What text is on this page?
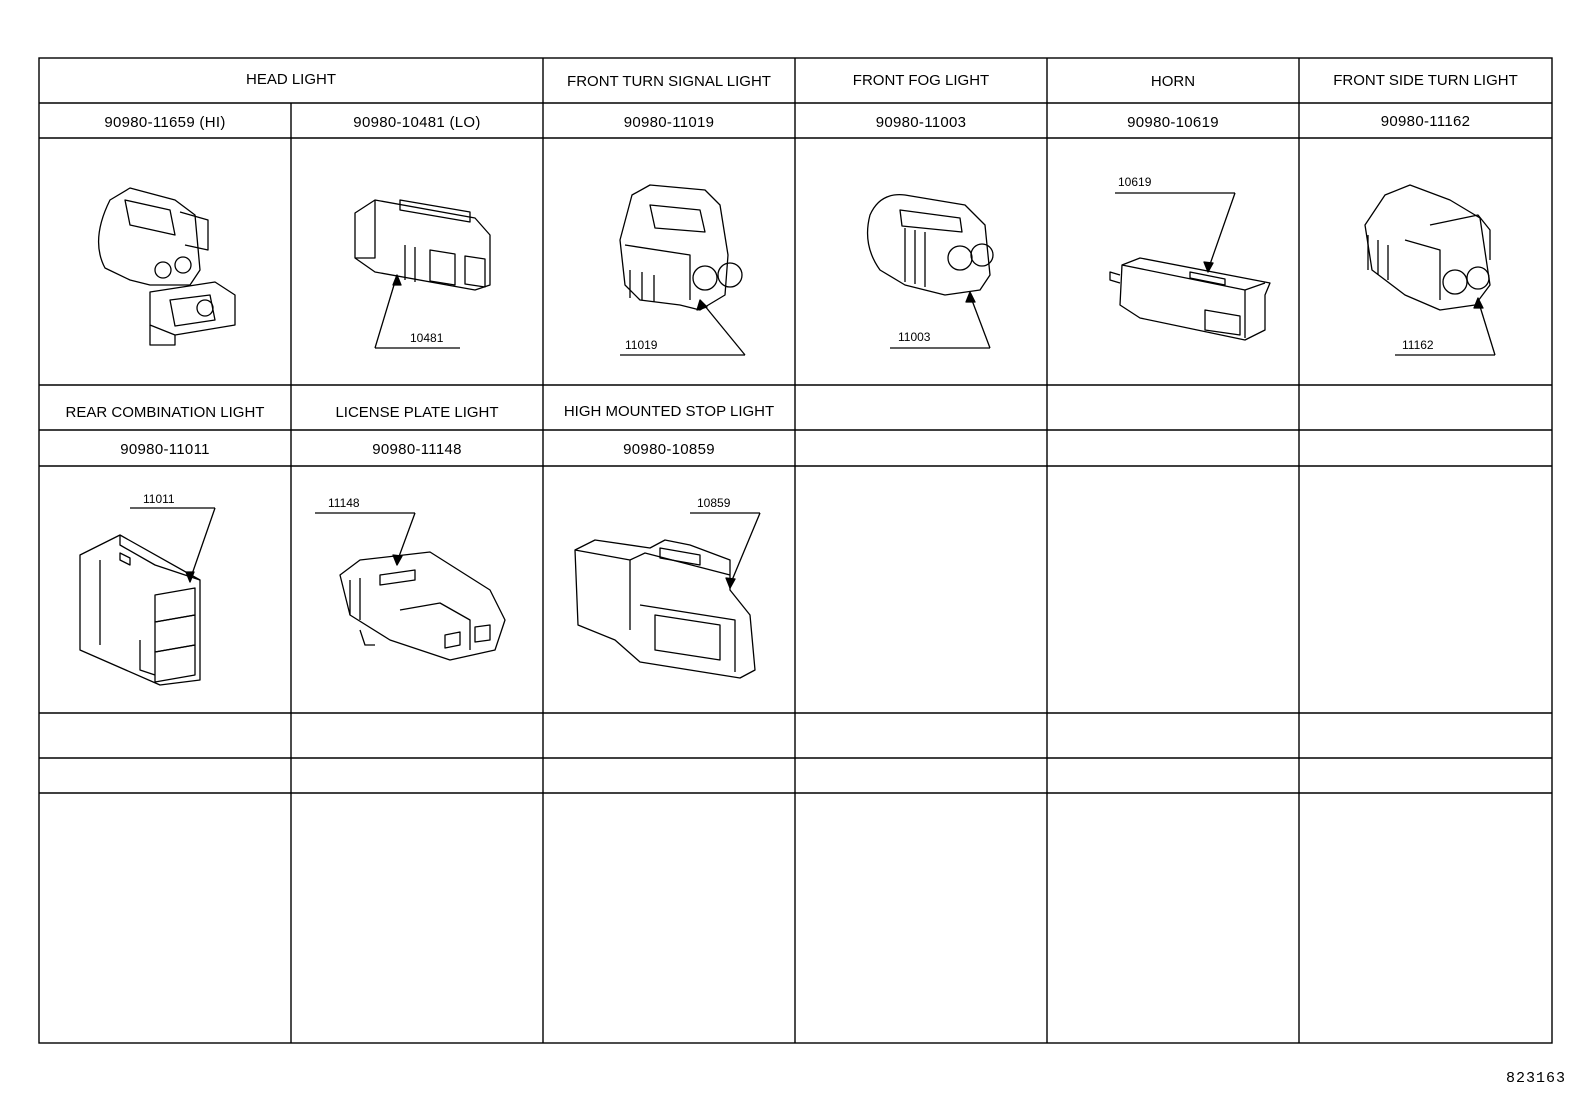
10481	11019
11003
10619
11162
11011	11148	10859
HEAD LIGHT	FRONT TURN SIGNAL LIGHT	FRONT FOG LIGHT	HORN	FRONT SIDE TURN LIGHT
90980-11659 (HI)	90980-10481 (LO)	90980-11019	90980-11003	90980-10619	90980-11162
REAR COMBINATION LIGHT	LICENSE PLATE LIGHT	HIGH MOUNTED STOP LIGHT
90980-11011	90980-11148	90980-10859
823163
